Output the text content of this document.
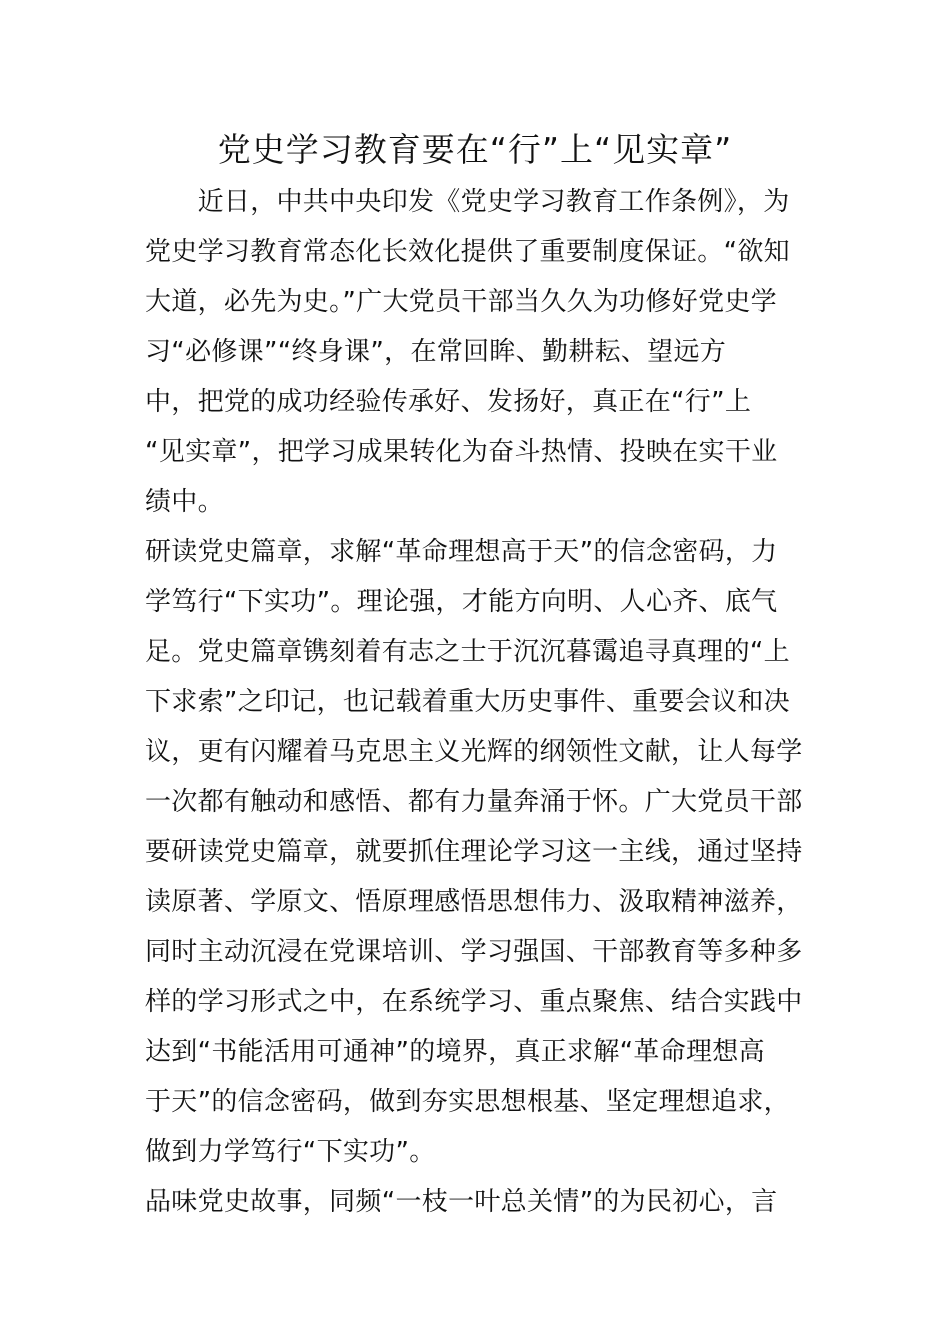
党史学习教育要在“行”上“见实章”
　　近日，中共中央印发《党史学习教育工作条例》，为
党史学习教育常态化长效化提供了重要制度保证。“欲知
大道，必先为史。”广大党员干部当久久为功修好党史学
习“必修课”“终身课”，在常回眸、勤耕耘、望远方
中，把党的成功经验传承好、发扬好，真正在“行”上
“见实章”，把学习成果转化为奋斗热情、投映在实干业
绩中。
研读党史篇章，求解“革命理想高于天”的信念密码，力
学笃行“下实功”。理论强，才能方向明、人心齐、底气
足。党史篇章镌刻着有志之士于沉沉暮霭追寻真理的“上
下求索”之印记，也记载着重大历史事件、重要会议和决
议，更有闪耀着马克思主义光辉的纲领性文献，让人每学
一次都有触动和感悟、都有力量奔涌于怀。广大党员干部
要研读党史篇章，就要抓住理论学习这一主线，通过坚持
读原著、学原文、悟原理感悟思想伟力、汲取精神滋养，
同时主动沉浸在党课培训、学习强国、干部教育等多种多
样的学习形式之中，在系统学习、重点聚焦、结合实践中
达到“书能活用可通神”的境界，真正求解“革命理想高
于天”的信念密码，做到夯实思想根基、坚定理想追求，
做到力学笃行“下实功”。
品味党史故事，同频“一枝一叶总关情”的为民初心，言
